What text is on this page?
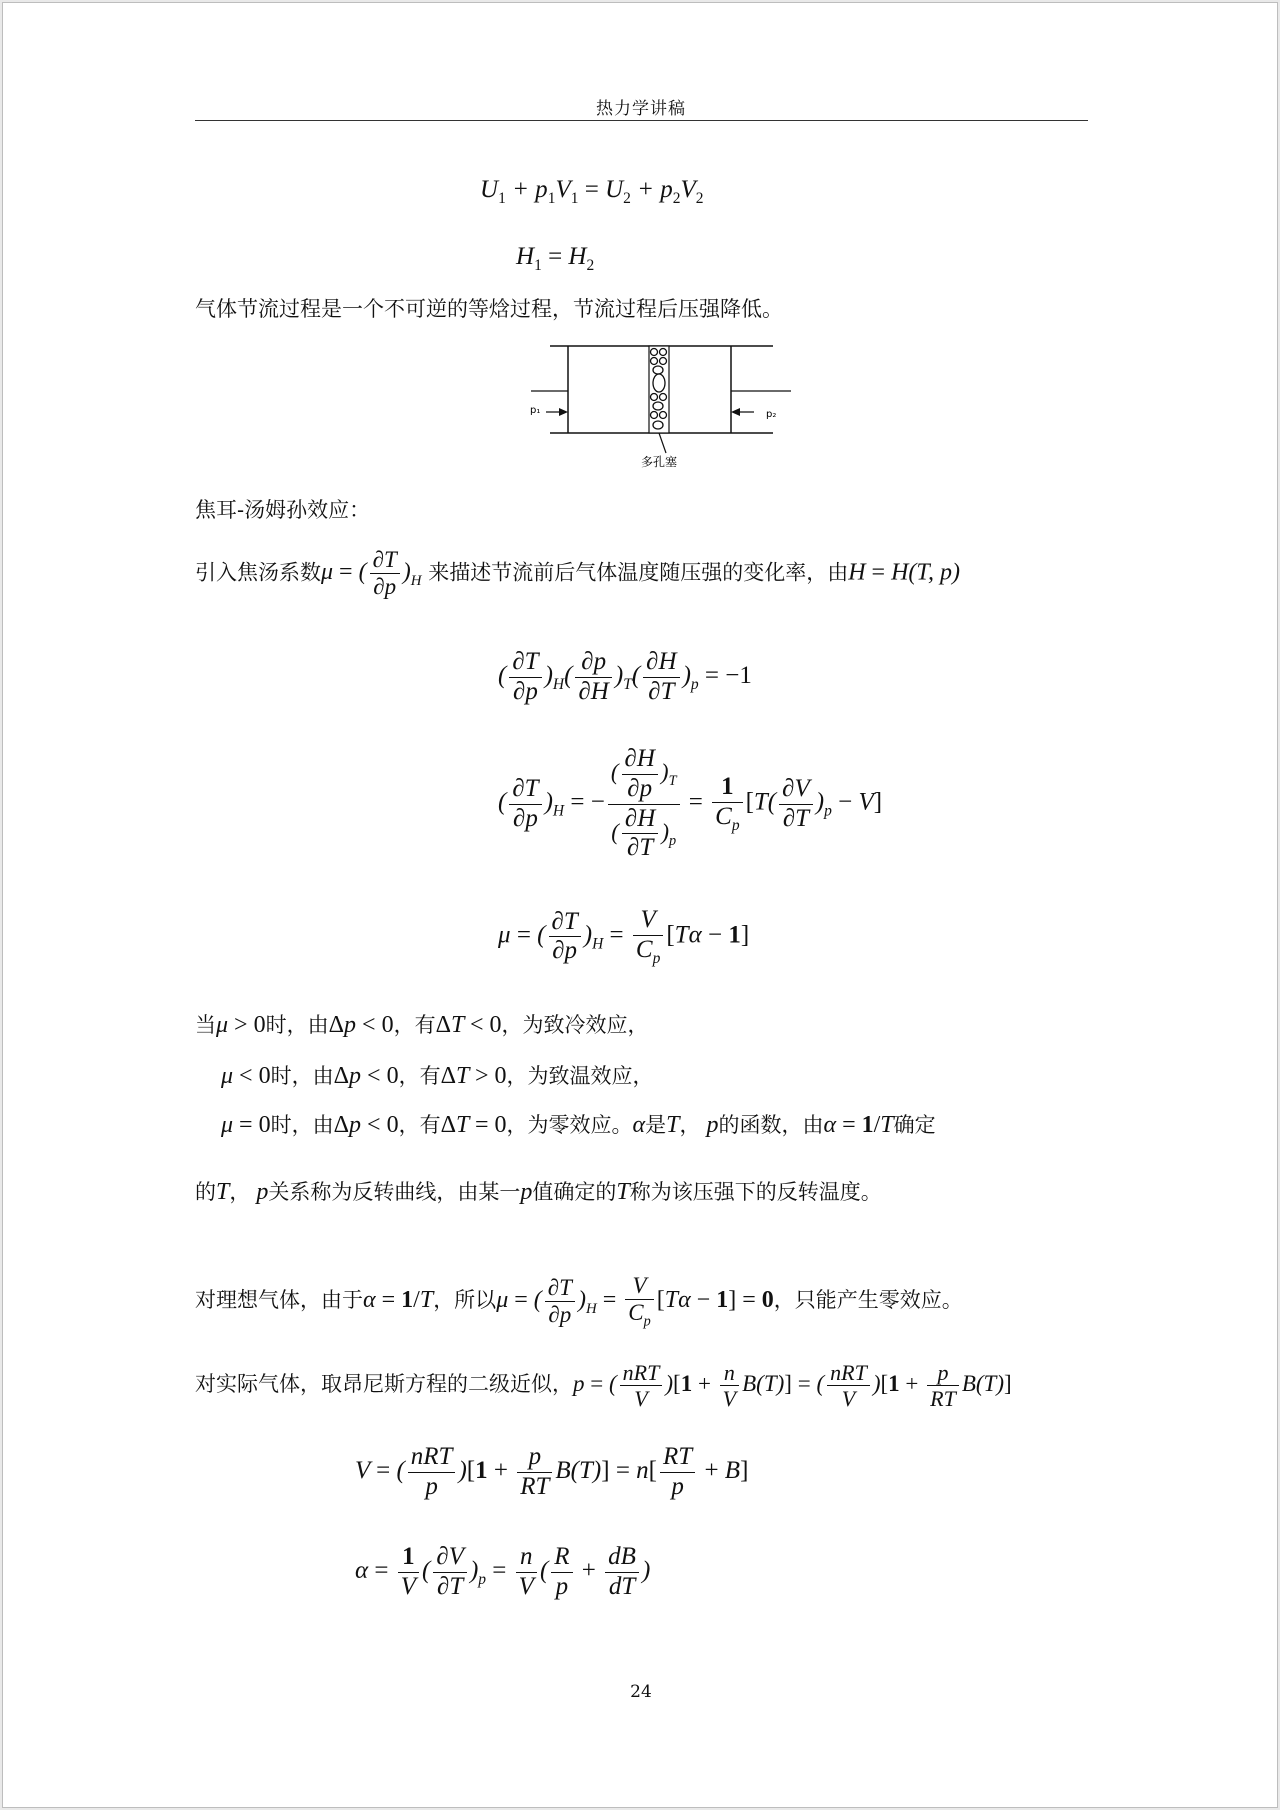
热力学讲稿
$U_1 + p_1V_1 = U_2 + p_2V_2$
$H_1 = H_2$
气体节流过程是一个不可逆的等焓过程，节流过程后压强降低。
p₁	p₂
多孔塞
焦耳-汤姆孙效应：
引入焦汤系数μ = ( $\frac{\partial T}{\partial p} )_H$ 来描述节流前后气体温度随压强的变化率，由H = H(T, p)
( $\frac{\partial T}{\partial p} )_H( \frac{\partial p}{\partial H} )_T( \frac{\partial H}{\partial T} )_p = -1$
( $\frac{\partial T}{\partial p} )_H$ = − $\frac{( \frac{\partial H}{\partial p} )_T}{( \frac{\partial H}{\partial T} )_p} = \frac{1}{C_p} [T( \frac{\partial V}{\partial T} )_p - V]$
μ = ( $\frac{\partial T}{\partial p} )_H = \frac{V}{C_p} [T\alpha - 1]$
当μ > 0时，由Δp < 0，有ΔT < 0，为致冷效应，
μ < 0时，由Δp < 0，有ΔT > 0，为致温效应，
μ = 0时，由Δp < 0，有ΔT = 0，为零效应。α是T， p的函数，由α = 1/T确定
的T， p关系称为反转曲线，由某一p值确定的T称为该压强下的反转温度。
对理想气体，由于α = 1/T，所以μ = ( $\frac{\partial T}{\partial p} )_H = \frac{V}{C_p} [T\alpha - 1] = 0$，只能产生零效应。
对实际气体，取昂尼斯方程的二级近似，p = ( $\frac{\text{nRT}}{V} )[1 + \frac{n}{V} B(T)]$ = ( $\frac{\text{nRT}}{V} )[1 + \frac{p}{RT} B(T)]$
V = ( $\frac{\text{nRT}}{p} )[1 + \frac{p}{RT} B(T)] = n[ \frac{RT}{p} + B]$
$\alpha = \frac{1}{V}$ ( $\frac{\partial V}{\partial T} )_p = \frac{n}{V}$ ( $\frac{R}{p} + \frac{dB}{dT}$ )
24
